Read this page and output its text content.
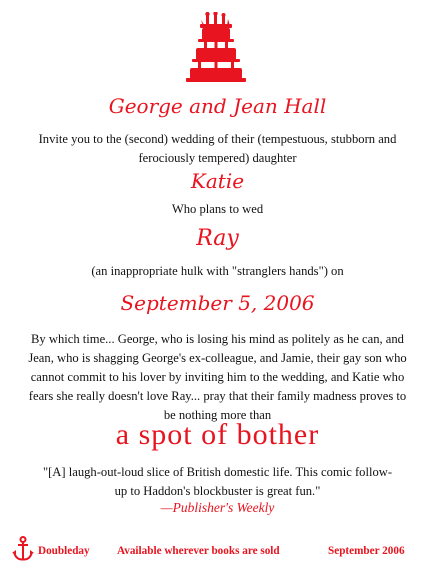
George and Jean Hall
Invite you to the (second) wedding of their (tempestuous, stubborn and ferociously tempered) daughter
Katie
Who plans to wed
Ray
(an inappropriate hulk with "stranglers hands") on
September 5, 2006
By which time... George, who is losing his mind as politely as he can, and Jean, who is shagging George's ex-colleague, and Jamie, their gay son who cannot commit to his lover by inviting him to the wedding, and Katie who fears she really doesn't love Ray... pray that their family madness proves to be nothing more than
a spot of bother
"[A] laugh-out-loud slice of British domestic life. This comic follow-up to Haddon's blockbuster is great fun."
—Publisher's Weekly
Doubleday Available wherever books are sold	September 2006
